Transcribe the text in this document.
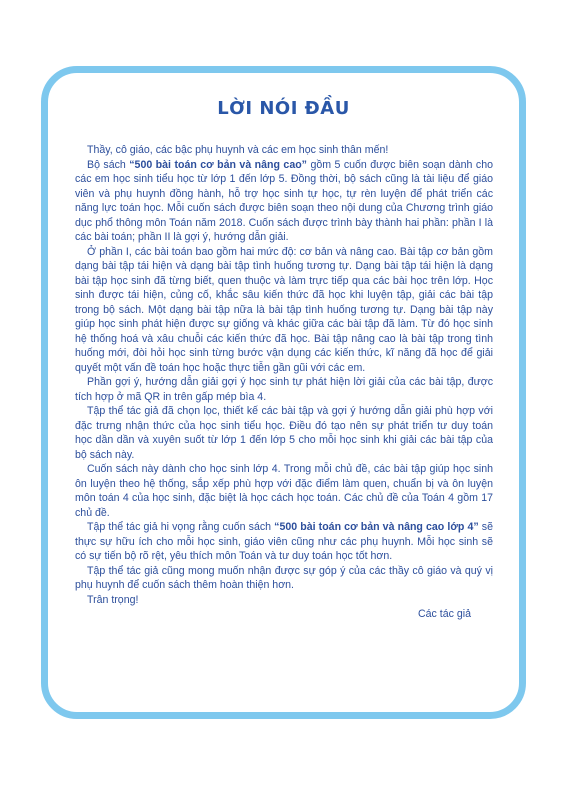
LỜI NÓI ĐẦU

Thầy, cô giáo, các bậc phụ huynh và các em học sinh thân mến!

Bộ sách “500 bài toán cơ bản và nâng cao” gồm 5 cuốn được biên soạn dành cho các em học sinh tiểu học từ lớp 1 đến lớp 5. Đồng thời, bộ sách cũng là tài liệu để giáo viên và phụ huynh đồng hành, hỗ trợ học sinh tự học, tự rèn luyện để phát triển các năng lực toán học. Mỗi cuốn sách được biên soạn theo nội dung của Chương trình giáo dục phổ thông môn Toán năm 2018. Cuốn sách được trình bày thành hai phần: phần I là các bài toán; phần II là gợi ý, hướng dẫn giải.

Ở phần I, các bài toán bao gồm hai mức độ: cơ bản và nâng cao. Bài tập cơ bản gồm dạng bài tập tái hiện và dạng bài tập tình huống tương tự. Dạng bài tập tái hiện là dạng bài tập học sinh đã từng biết, quen thuộc và làm trực tiếp qua các bài học trên lớp. Học sinh được tái hiện, củng cố, khắc sâu kiến thức đã học khi luyện tập, giải các bài tập trong bộ sách. Một dạng bài tập nữa là bài tập tình huống tương tự. Dạng bài tập này giúp học sinh phát hiện được sự giống và khác giữa các bài tập đã làm. Từ đó học sinh hệ thống hoá và xâu chuỗi các kiến thức đã học. Bài tập nâng cao là bài tập trong tình huống mới, đòi hỏi học sinh từng bước vận dụng các kiến thức, kĩ năng đã học để giải quyết một vấn đề toán học hoặc thực tiễn gần gũi với các em.

Phần gợi ý, hướng dẫn giải gợi ý học sinh tự phát hiện lời giải của các bài tập, được tích hợp ở mã QR in trên gấp mép bìa 4.

Tập thể tác giả đã chọn lọc, thiết kế các bài tập và gợi ý hướng dẫn giải phù hợp với đặc trưng nhận thức của học sinh tiểu học. Điều đó tạo nên sự phát triển tư duy toán học dần dần và xuyên suốt từ lớp 1 đến lớp 5 cho mỗi học sinh khi giải các bài tập của bộ sách này.

Cuốn sách này dành cho học sinh lớp 4. Trong mỗi chủ đề, các bài tập giúp học sinh ôn luyện theo hệ thống, sắp xếp phù hợp với đặc điểm làm quen, chuẩn bị và ôn luyện môn toán 4 của học sinh, đặc biệt là học cách học toán. Các chủ đề của Toán 4 gồm 17 chủ đề.

Tập thể tác giả hi vọng rằng cuốn sách “500 bài toán cơ bản và nâng cao lớp 4” sẽ thực sự hữu ích cho mỗi học sinh, giáo viên cũng như các phụ huynh. Mỗi học sinh sẽ có sự tiến bộ rõ rệt, yêu thích môn Toán và tư duy toán học tốt hơn.

Tập thể tác giả cũng mong muốn nhận được sự góp ý của các thầy cô giáo và quý vị phụ huynh để cuốn sách thêm hoàn thiện hơn.

Trân trọng!

Các tác giả
